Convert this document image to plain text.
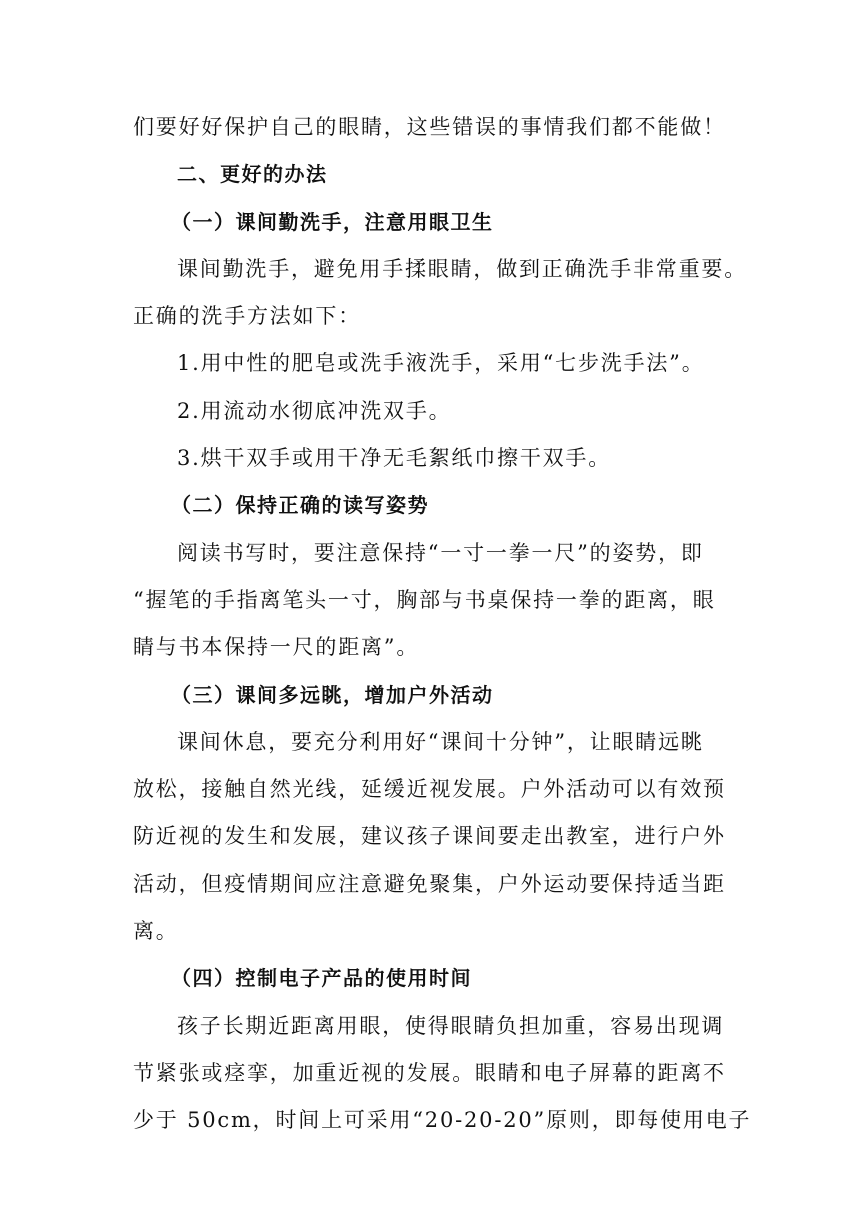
们要好好保护自己的眼睛，这些错误的事情我们都不能做！
二、更好的办法
（一）课间勤洗手，注意用眼卫生
课间勤洗手，避免用手揉眼睛，做到正确洗手非常重要。
正确的洗手方法如下：
1.用中性的肥皂或洗手液洗手，采用“七步洗手法”。
2.用流动水彻底冲洗双手。
3.烘干双手或用干净无毛絮纸巾擦干双手。
（二）保持正确的读写姿势
阅读书写时，要注意保持“一寸一拳一尺”的姿势，即
“握笔的手指离笔头一寸，胸部与书桌保持一拳的距离，眼
睛与书本保持一尺的距离”。
（三）课间多远眺，增加户外活动
课间休息，要充分利用好“课间十分钟”，让眼睛远眺
放松，接触自然光线，延缓近视发展。户外活动可以有效预
防近视的发生和发展，建议孩子课间要走出教室，进行户外
活动，但疫情期间应注意避免聚集，户外运动要保持适当距
离。
（四）控制电子产品的使用时间
孩子长期近距离用眼，使得眼睛负担加重，容易出现调
节紧张或痉挛，加重近视的发展。眼睛和电子屏幕的距离不
少于 50cm，时间上可采用“20-20-20”原则，即每使用电子
